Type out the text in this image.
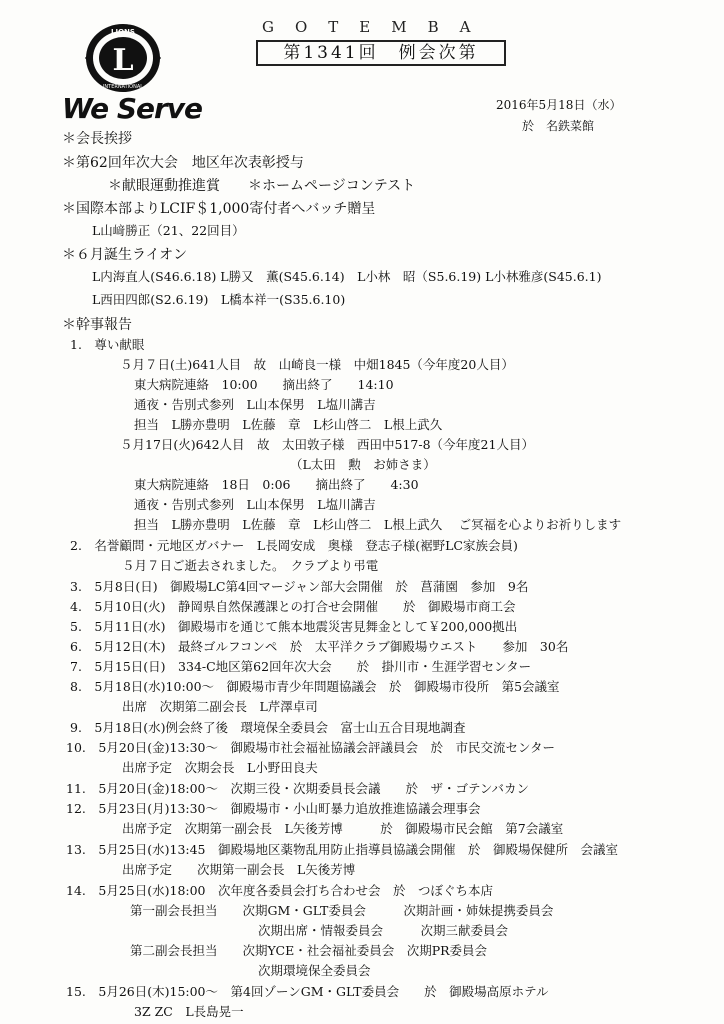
L
LIONS
INTERNATIONAL
We Serve
GOTEMBA
第1341回　例会次第
2016年5月18日（水）
於　名鉄菜館
＊会長挨拶
＊第62回年次大会　地区年次表彰授与
＊献眼運動推進賞　　＊ホームページコンテスト
＊国際本部よりLCIF＄1,000寄付者へバッチ贈呈
L山﨑勝正（21、22回目）
＊６月誕生ライオン
L内海直人(S46.6.18) L勝又　薫(S45.6.14)　L小林　昭（S5.6.19) L小林雅彦(S45.6.1)
L西田四郎(S2.6.19)　L橋本祥一(S35.6.10)
＊幹事報告
1.　尊い献眼
５月７日(土)641人目　故　山崎良一様　中畑1845（今年度20人目）
東大病院連絡　10:00　　摘出終了　　14:10
通夜・告別式参列　L山本保男　L塩川講吉
担当　L勝亦豊明　L佐藤　章　L杉山啓二　L根上武久
５月17日(火)642人目　故　太田敦子様　西田中517-8（今年度21人目）
（L太田　勲　お姉さま）
東大病院連絡　18日　0:06　　摘出終了　　4:30
通夜・告別式参列　L山本保男　L塩川講吉
担当　L勝亦豊明　L佐藤　章　L杉山啓二　L根上武久　 ご冥福を心よりお祈りします
2.　名誉顧問・元地区ガバナー　L長岡安成　奥様　登志子様(裾野LC家族会員)
５月７日ご逝去されました。　クラブより弔電
3.　5月8日(日)　御殿場LC第4回マージャン部大会開催　於　菖蒲園　参加　9名
4.　5月10日(火)　静岡県自然保護課との打合せ会開催　　於　御殿場市商工会
5.　5月11日(水)　御殿場市を通じて熊本地震災害見舞金として￥200,000拠出
6.　5月12日(木)　最終ゴルフコンペ　於　太平洋クラブ御殿場ウエスト　　参加　30名
7.　5月15日(日)　334-C地区第62回年次大会　　於　掛川市・生涯学習センター
8.　5月18日(水)10:00～　御殿場市青少年問題協議会　於　御殿場市役所　第5会議室
出席　次期第二副会長　L芹澤卓司
9.　5月18日(水)例会終了後　環境保全委員会　富士山五合目現地調査
10.　5月20日(金)13:30～　御殿場市社会福祉協議会評議員会　於　市民交流センター
出席予定　次期会長　L小野田良夫
11.　5月20日(金)18:00～　次期三役・次期委員長会議　　於　ザ・ゴテンバカン
12.　5月23日(月)13:30～　御殿場市・小山町暴力追放推進協議会理事会
出席予定　次期第一副会長　L矢後芳博　　　於　御殿場市民会館　第7会議室
13.　5月25日(水)13:45　御殿場地区薬物乱用防止指導員協議会開催　於　御殿場保健所　会議室
出席予定　　次期第一副会長　L矢後芳博
14.　5月25日(水)18:00　次年度各委員会打ち合わせ会　於　つぼぐち本店
第一副会長担当　　次期GM・GLT委員会　　　次期計画・姉妹提携委員会
次期出席・情報委員会　　　次期三献委員会
第二副会長担当　　次期YCE・社会福祉委員会　次期PR委員会
次期環境保全委員会
15.　5月26日(木)15:00～　第4回ゾーンGM・GLT委員会　　於　御殿場高原ホテル
3Z ZC　L長島晃一
